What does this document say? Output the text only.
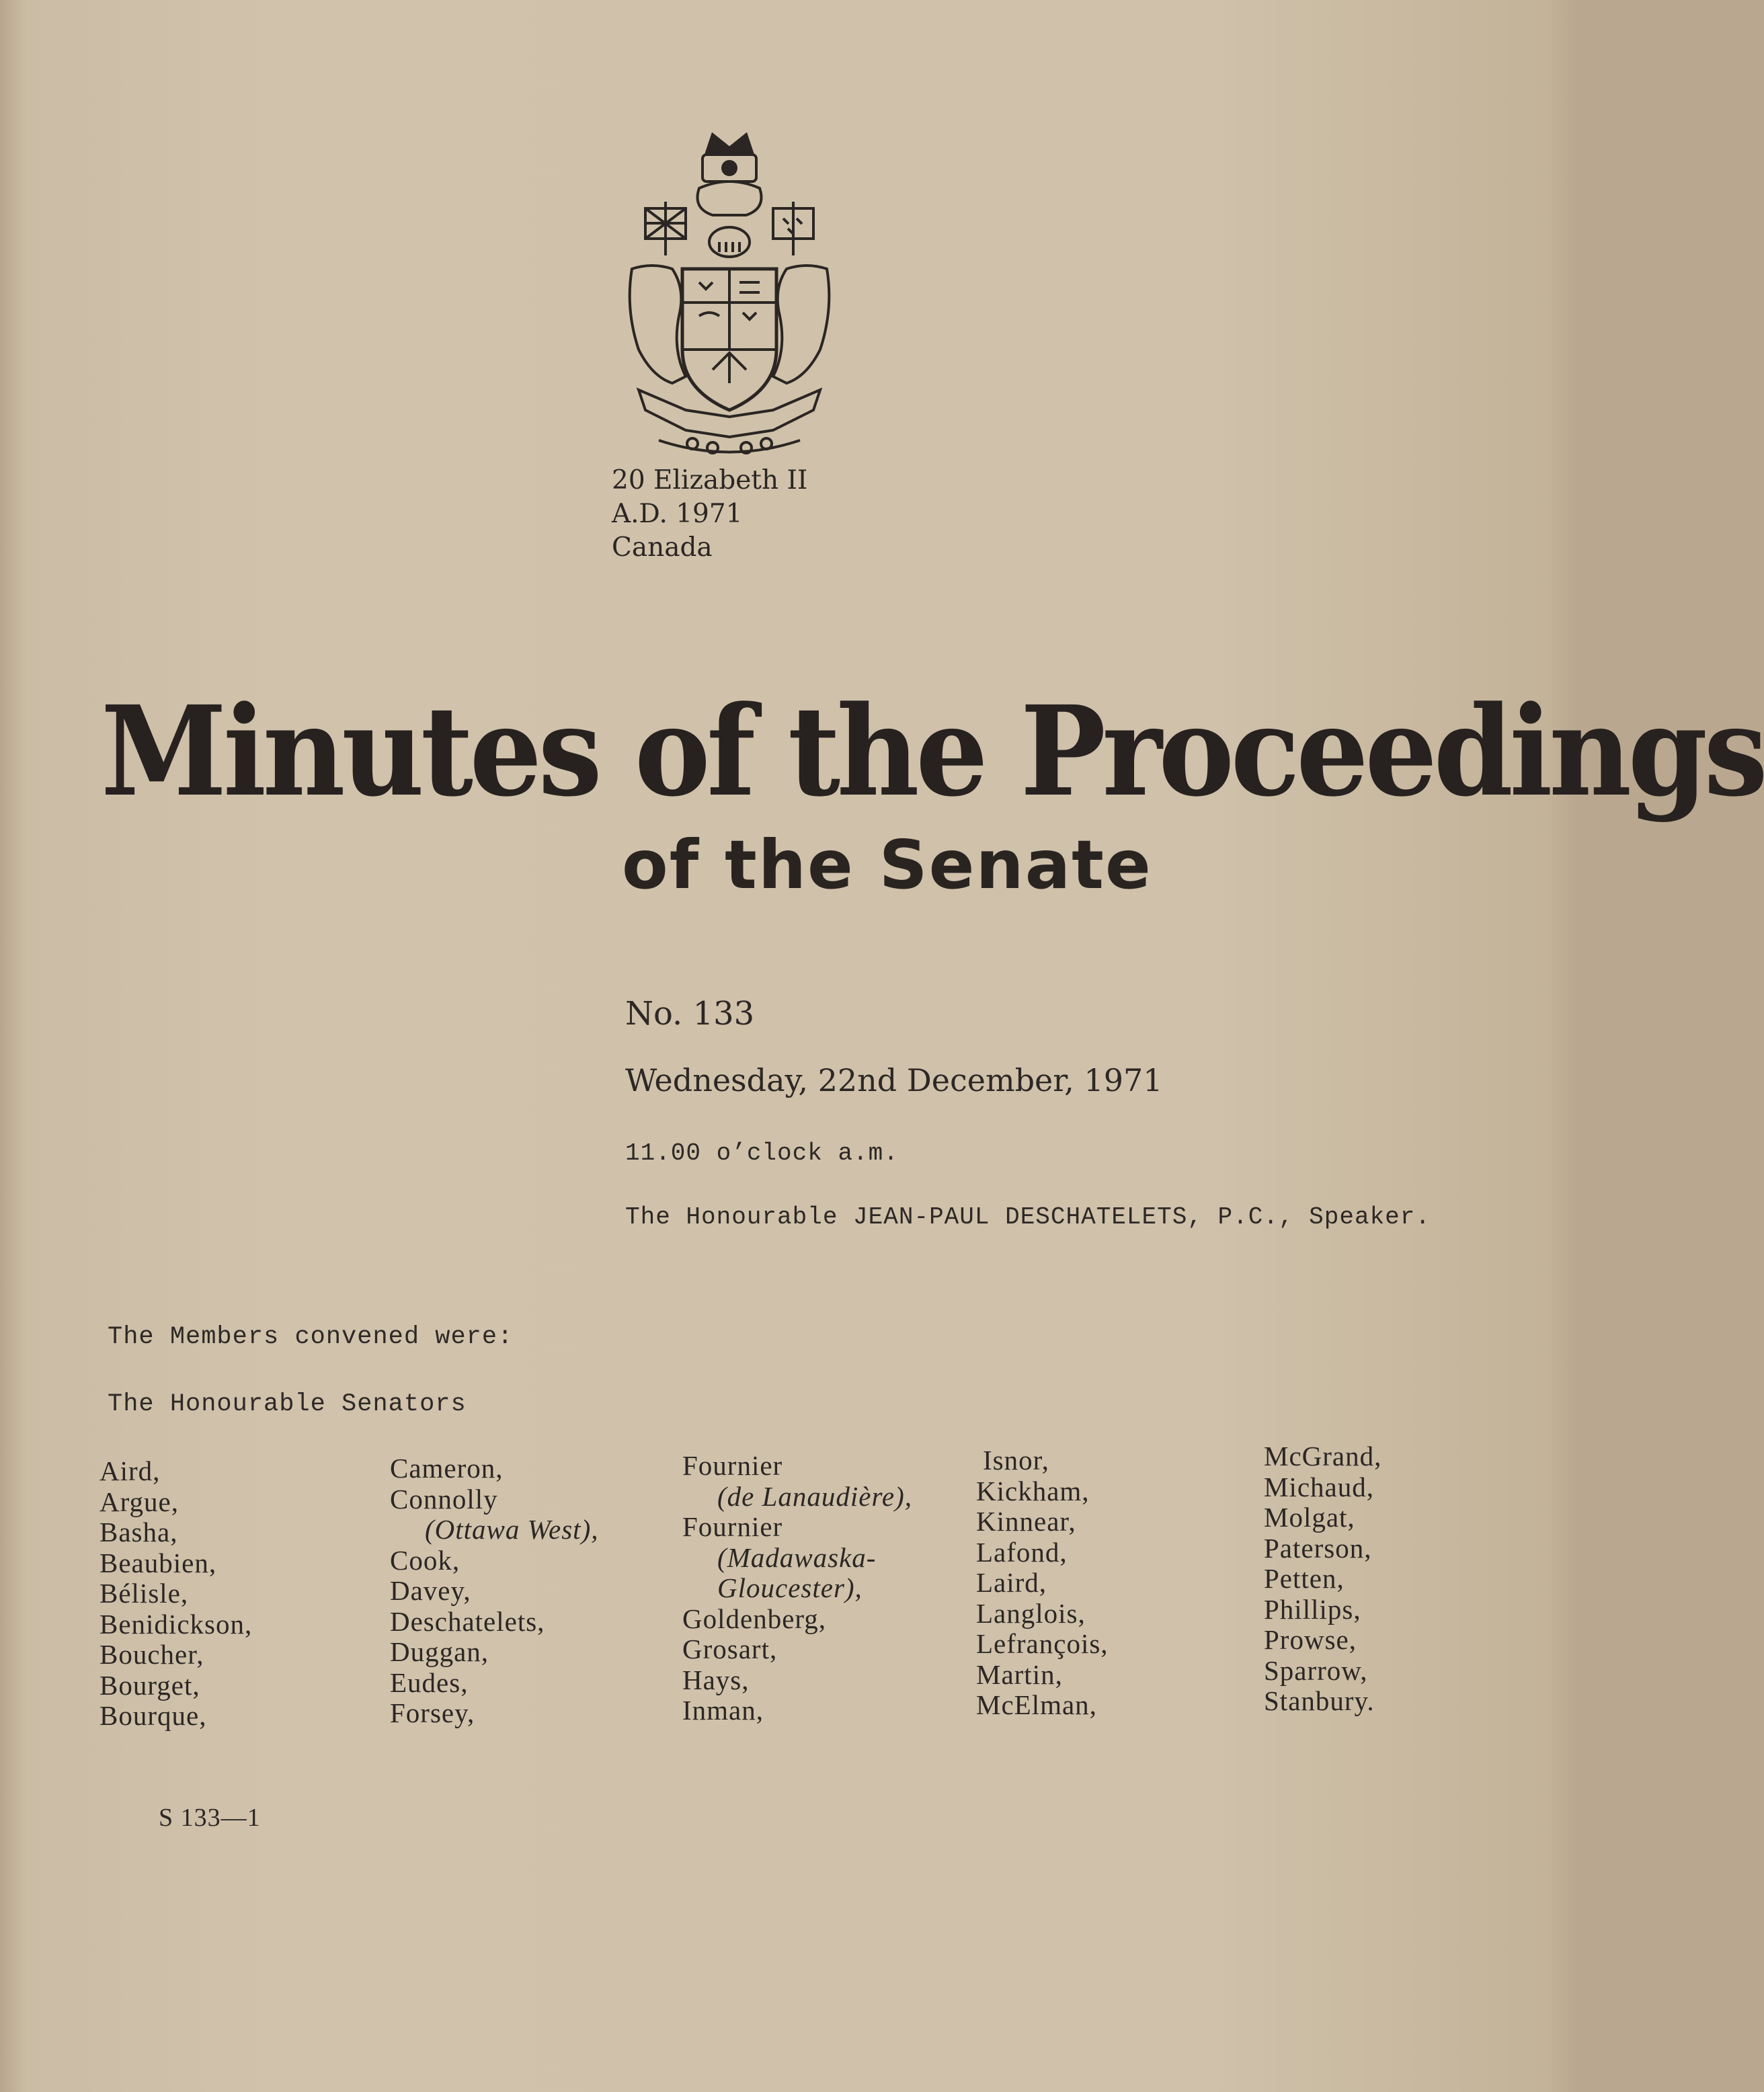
20 Elizabeth II
A.D. 1971
Canada
Minutes of the Proceedings
of the Senate
No. 133
Wednesday, 22nd December, 1971
11.00 o’clock a.m.
The Honourable JEAN-PAUL DESCHATELETS, P.C., Speaker.
The Members convened were:
The Honourable Senators
Aird,
Argue,
Basha,
Beaubien,
Bélisle,
Benidickson,
Boucher,
Bourget,
Bourque,
Cameron,
Connolly
(Ottawa West),
Cook,
Davey,
Deschatelets,
Duggan,
Eudes,
Forsey,
Fournier
(de Lanaudière),
Fournier
(Madawaska-
Gloucester),
Goldenberg,
Grosart,
Hays,
Inman,
Isnor,
Kickham,
Kinnear,
Lafond,
Laird,
Langlois,
Lefrançois,
Martin,
McElman,
McGrand,
Michaud,
Molgat,
Paterson,
Petten,
Phillips,
Prowse,
Sparrow,
Stanbury.
S 133—1
